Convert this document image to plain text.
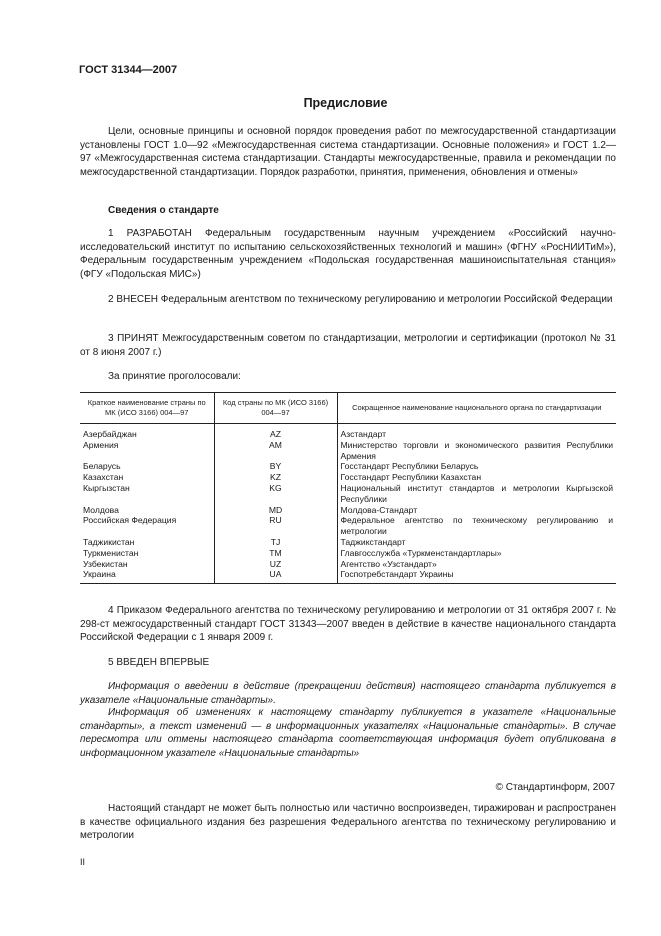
ГОСТ 31344—2007
Предисловие

Цели, основные принципы и основной порядок проведения работ по межгосударственной стандартизации установлены ГОСТ 1.0—92 «Межгосударственная система стандартизации. Основные положения» и ГОСТ 1.2—97 «Межгосударственная система стандартизации. Стандарты межгосударственные, правила и рекомендации по межгосударственной стандартизации. Порядок разработки, принятия, применения, обновления и отмены»

Сведения о стандарте

1 РАЗРАБОТАН Федеральным государственным научным учреждением «Российский научно-исследовательский институт по испытанию сельскохозяйственных технологий и машин» (ФГНУ «РосНИИТиМ»), Федеральным государственным учреждением «Подольская государственная машиноиспытательная станция» (ФГУ «Подольская МИС»)

2 ВНЕСЕН Федеральным агентством по техническому регулированию и метрологии Российской Федерации

3 ПРИНЯТ Межгосударственным советом по стандартизации, метрологии и сертификации (протокол № 31 от 8 июня 2007 г.)

За принятие проголосовали:

Краткое наименование страны по МК (ИСО 3166) 004—97	Код страны по МК (ИСО 3166) 004—97	Сокращенное наименование национального органа по стандартизации
Азербайджан	AZ	Азстандарт
Армения	AM	Министерство торговли и экономического развития Республики Армения
Беларусь	BY	Госстандарт Республики Беларусь
Казахстан	KZ	Госстандарт Республики Казахстан
Кыргызстан	KG	Национальный институт стандартов и метрологии Кыргызской Республики
Молдова	MD	Молдова-Стандарт
Российская Федерация	RU	Федеральное агентство по техническому регулированию и метрологии
Таджикистан	TJ	Таджикстандарт
Туркменистан	TM	Главгосслужба «Туркменстандартлары»
Узбекистан	UZ	Агентство «Узстандарт»
Украина	UA	Госпотребстандарт Украины

4 Приказом Федерального агентства по техническому регулированию и метрологии от 31 октября 2007 г. № 298-ст межгосударственный стандарт ГОСТ 31343—2007 введен в действие в качестве национального стандарта Российской Федерации с 1 января 2009 г.

5 ВВЕДЕН ВПЕРВЫЕ

Информация о введении в действие (прекращении действия) настоящего стандарта публикуется в указателе «Национальные стандарты».

Информация об изменениях к настоящему стандарту публикуется в указателе «Национальные стандарты», а текст изменений — в информационных указателях «Национальные стандарты». В случае пересмотра или отмены настоящего стандарта соответствующая информация будет опубликована в информационном указателе «Национальные стандарты»

© Стандартинформ, 2007

Настоящий стандарт не может быть полностью или частично воспроизведен, тиражирован и распространен в качестве официального издания без разрешения Федерального агентства по техническому регулированию и метрологии

II
